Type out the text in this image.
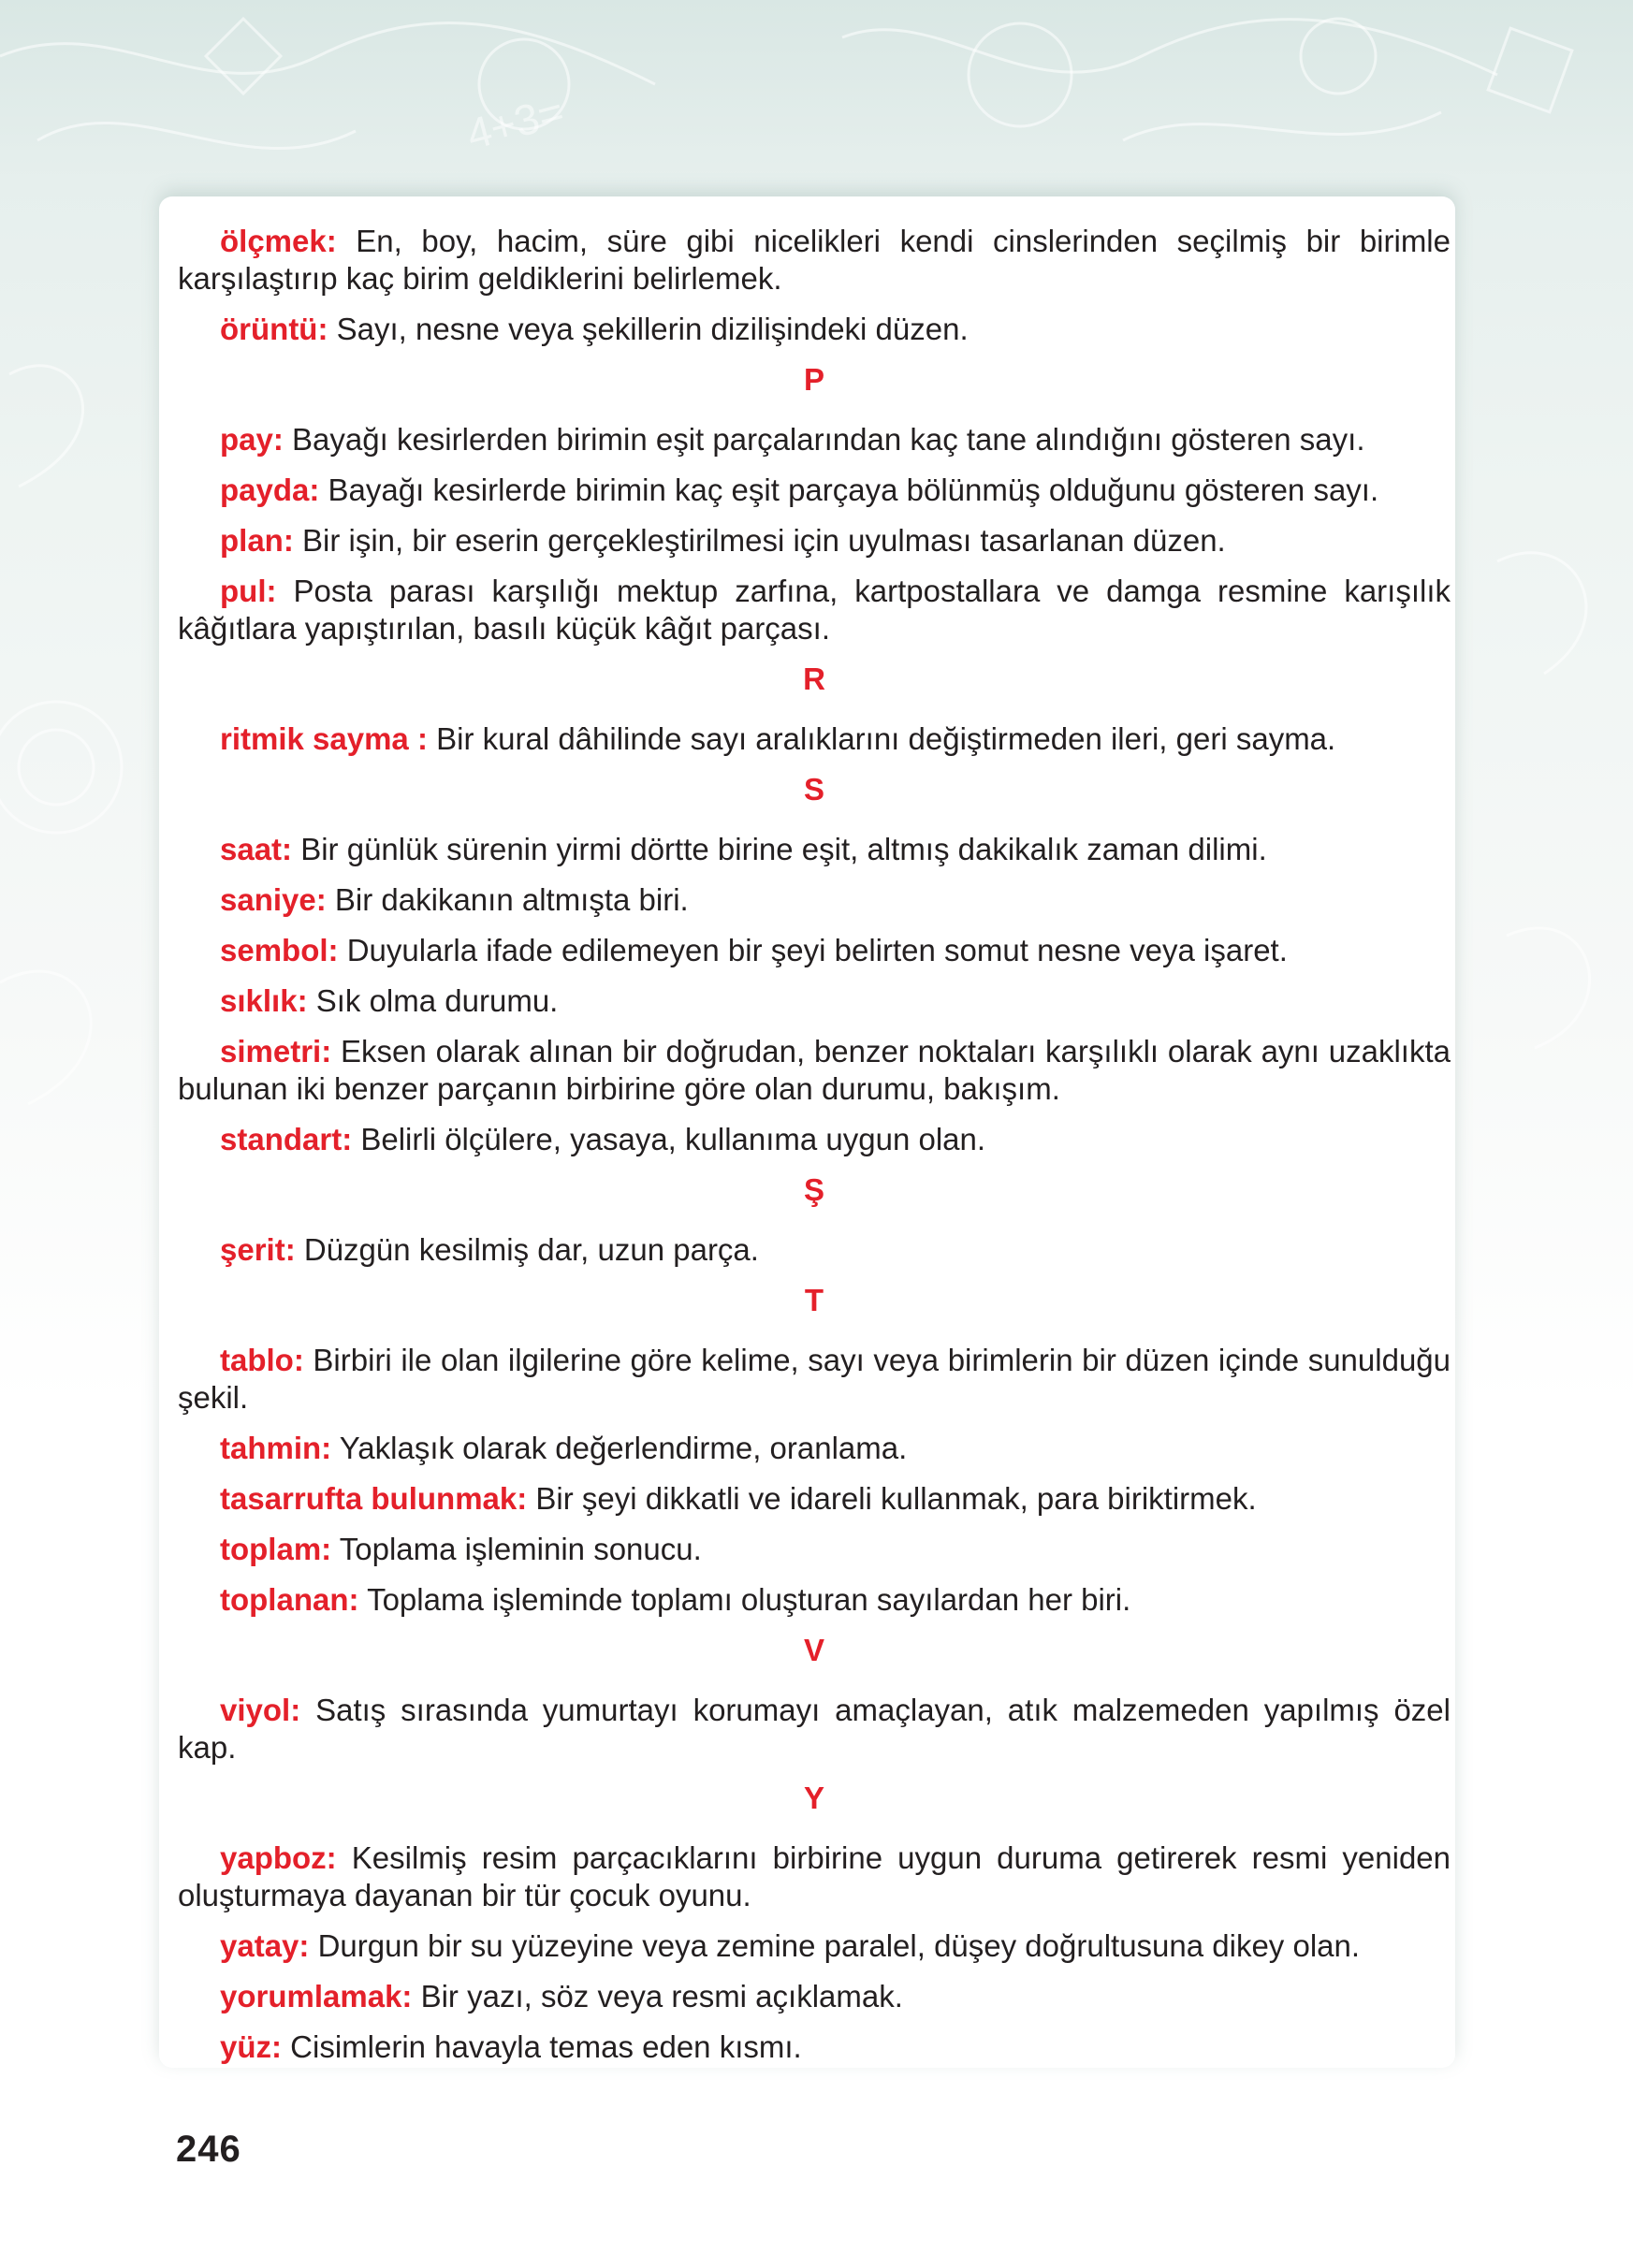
4+3=

ölçmek: En, boy, hacim, süre gibi nicelikleri kendi cinslerinden seçilmiş bir birimle karşılaştırıp kaç birim geldiklerini belirlemek.

örüntü: Sayı, nesne veya şekillerin dizilişindeki düzen.

P

pay: Bayağı kesirlerden birimin eşit parçalarından kaç tane alındığını gösteren sayı.

payda: Bayağı kesirlerde birimin kaç eşit parçaya bölünmüş olduğunu gösteren sayı.

plan: Bir işin, bir eserin gerçekleştirilmesi için uyulması tasarlanan düzen.

pul: Posta parası karşılığı mektup zarfına, kartpostallara ve damga resmine karışılık kâğıtlara yapıştırılan, basılı küçük kâğıt parçası.

R

ritmik sayma : Bir kural dâhilinde sayı aralıklarını değiştirmeden ileri, geri sayma.

S

saat: Bir günlük sürenin yirmi dörtte birine eşit, altmış dakikalık zaman dilimi.

saniye: Bir dakikanın altmışta biri.

sembol: Duyularla ifade edilemeyen bir şeyi belirten somut nesne veya işaret.

sıklık: Sık olma durumu.

simetri: Eksen olarak alınan bir doğrudan, benzer noktaları karşılıklı olarak aynı uzaklıkta bulunan iki benzer parçanın birbirine göre olan durumu, bakışım.

standart: Belirli ölçülere, yasaya, kullanıma uygun olan.

Ş

şerit: Düzgün kesilmiş dar, uzun parça.

T

tablo: Birbiri ile olan ilgilerine göre kelime, sayı veya birimlerin bir düzen içinde sunulduğu şekil.

tahmin: Yaklaşık olarak değerlendirme, oranlama.

tasarrufta bulunmak: Bir şeyi dikkatli ve idareli kullanmak, para biriktirmek.

toplam: Toplama işleminin sonucu.

toplanan: Toplama işleminde toplamı oluşturan sayılardan her biri.

V

viyol: Satış sırasında yumurtayı korumayı amaçlayan, atık malzemeden yapılmış özel kap.

Y

yapboz: Kesilmiş resim parçacıklarını birbirine uygun duruma getirerek resmi yeniden oluşturmaya dayanan bir tür çocuk oyunu.

yatay: Durgun bir su yüzeyine veya zemine paralel, düşey doğrultusuna dikey olan.

yorumlamak: Bir yazı, söz veya resmi açıklamak.

yüz: Cisimlerin havayla temas eden kısmı.

246
